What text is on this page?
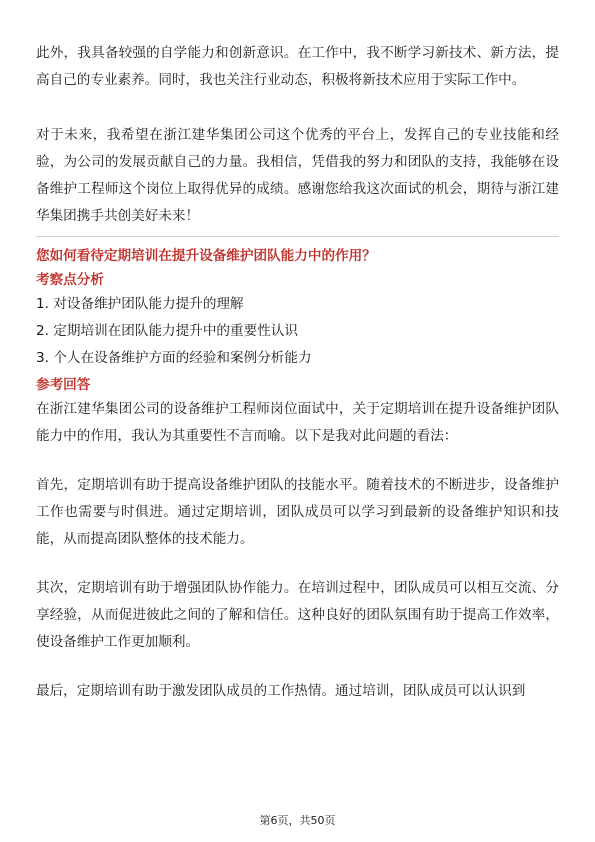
此外，我具备较强的自学能力和创新意识。在工作中，我不断学习新技术、新方法，提高自己的专业素养。同时，我也关注行业动态，积极将新技术应用于实际工作中。

对于未来，我希望在浙江建华集团公司这个优秀的平台上，发挥自己的专业技能和经验，为公司的发展贡献自己的力量。我相信，凭借我的努力和团队的支持，我能够在设备维护工程师这个岗位上取得优异的成绩。感谢您给我这次面试的机会，期待与浙江建华集团携手共创美好未来！

您如何看待定期培训在提升设备维护团队能力中的作用？

考察点分析

1. 对设备维护团队能力提升的理解
2. 定期培训在团队能力提升中的重要性认识
3. 个人在设备维护方面的经验和案例分析能力

参考回答

在浙江建华集团公司的设备维护工程师岗位面试中，关于定期培训在提升设备维护团队能力中的作用，我认为其重要性不言而喻。以下是我对此问题的看法：

首先，定期培训有助于提高设备维护团队的技能水平。随着技术的不断进步，设备维护工作也需要与时俱进。通过定期培训，团队成员可以学习到最新的设备维护知识和技能，从而提高团队整体的技术能力。

其次，定期培训有助于增强团队协作能力。在培训过程中，团队成员可以相互交流、分享经验，从而促进彼此之间的了解和信任。这种良好的团队氛围有助于提高工作效率，使设备维护工作更加顺利。

最后，定期培训有助于激发团队成员的工作热情。通过培训，团队成员可以认识到

第6页，共50页
